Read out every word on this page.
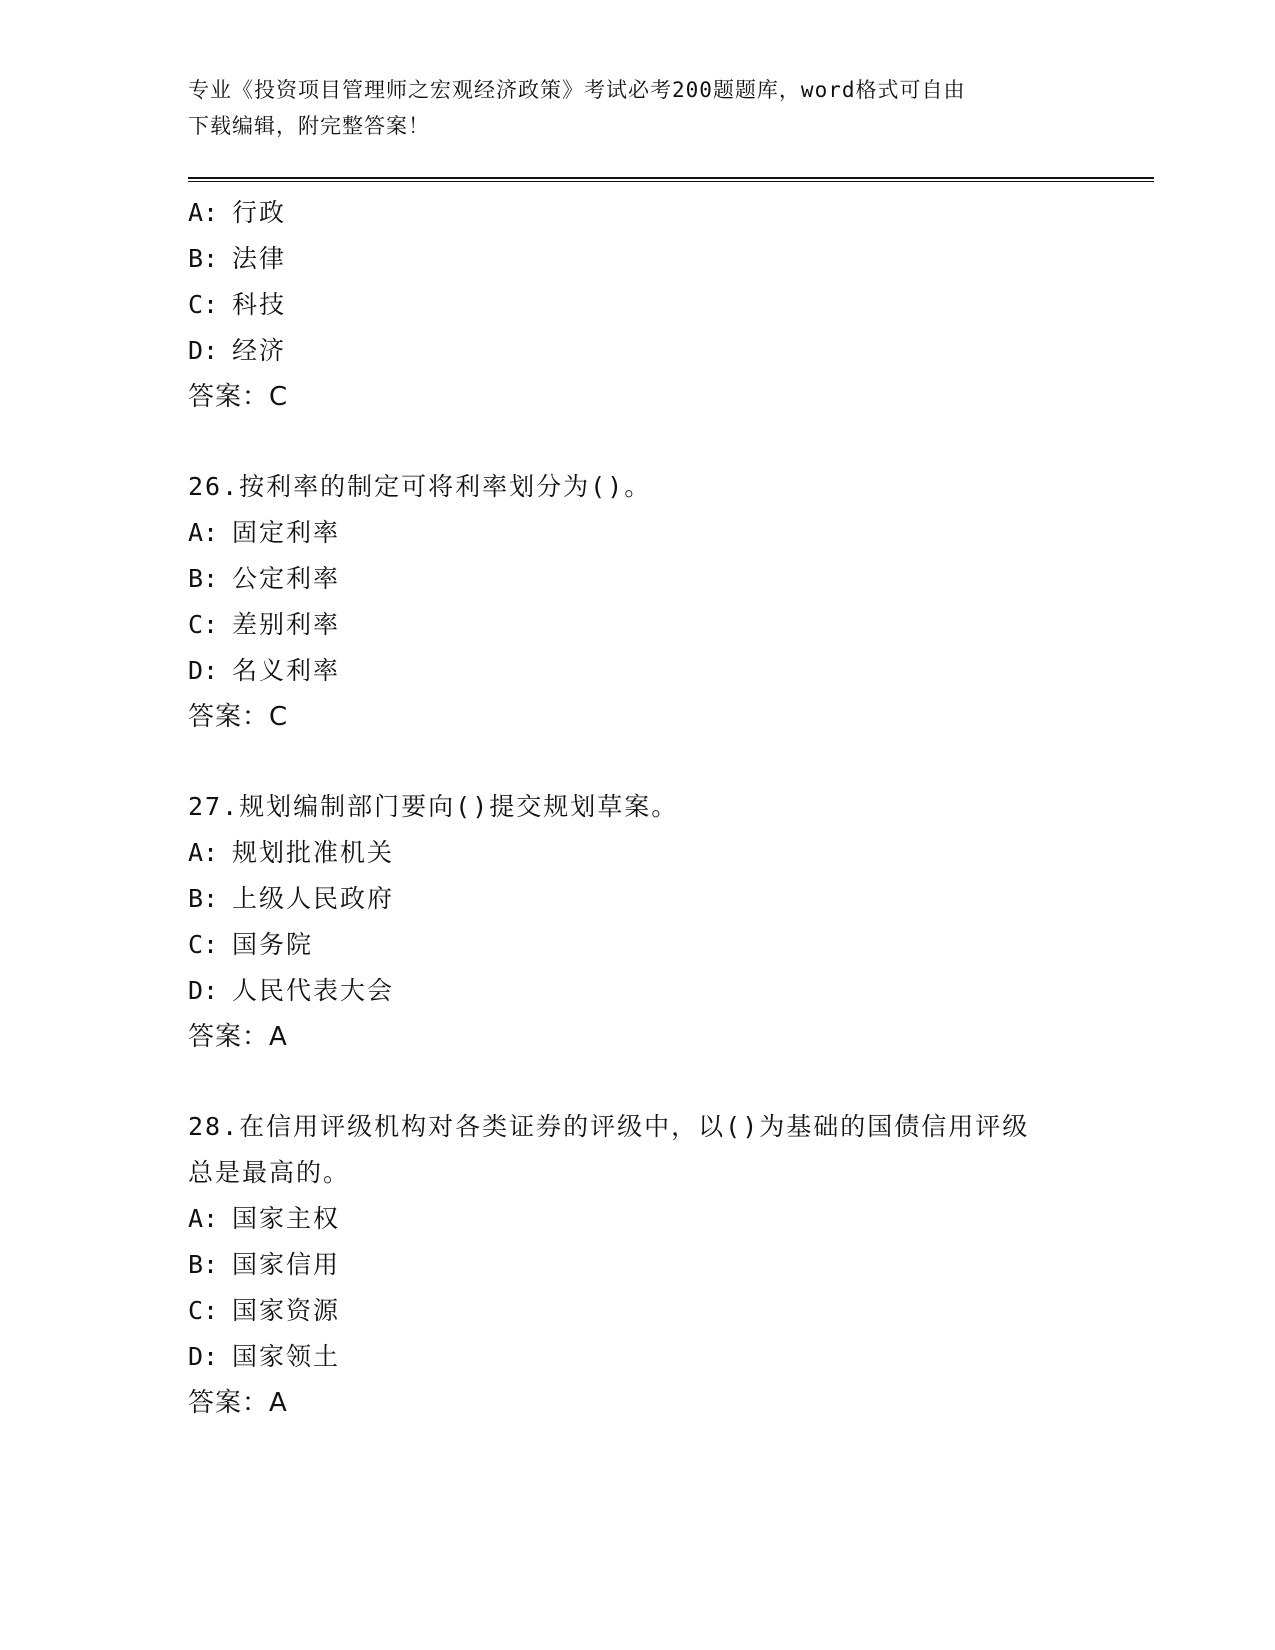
专业《投资项目管理师之宏观经济政策》考试必考200题题库，word格式可自由
下载编辑，附完整答案！
A: 行政
B: 法律
C: 科技
D: 经济
答案：C
26.按利率的制定可将利率划分为()。
A: 固定利率
B: 公定利率
C: 差别利率
D: 名义利率
答案：C
27.规划编制部门要向()提交规划草案。
A: 规划批准机关
B: 上级人民政府
C: 国务院
D: 人民代表大会
答案：A
28.在信用评级机构对各类证券的评级中，以()为基础的国债信用评级
总是最高的。
A: 国家主权
B: 国家信用
C: 国家资源
D: 国家领土
答案：A
